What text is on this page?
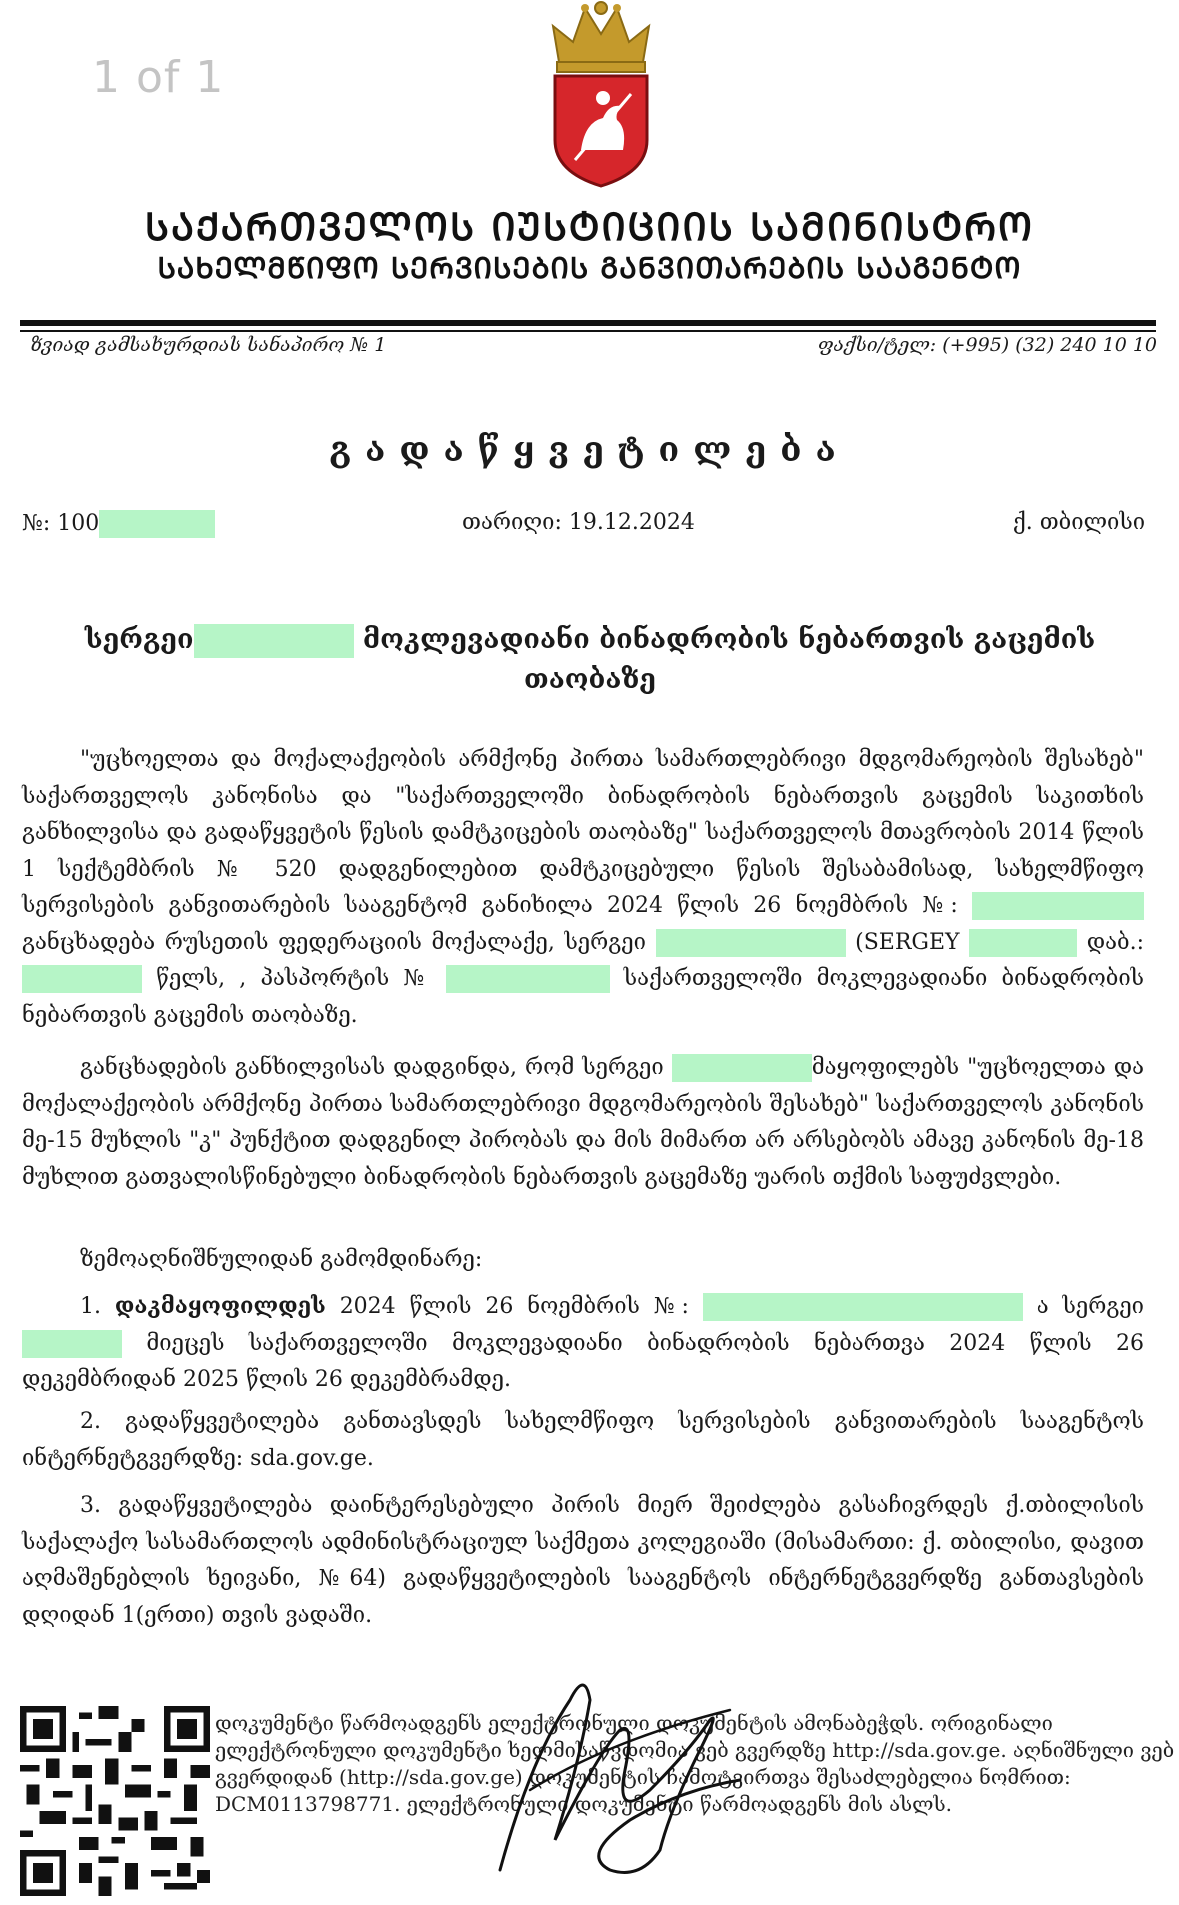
1 of 1
ᲡᲐᲥᲐᲠᲗᲕᲔᲚᲝᲡ ᲘᲣᲡᲢᲘᲪᲘᲘᲡ ᲡᲐᲛᲘᲜᲘᲡᲢᲠᲝ
ᲡᲐᲮᲔᲚᲛᲬᲘᲤᲝ ᲡᲔᲠᲕᲘᲡᲔᲑᲘᲡ ᲒᲐᲜᲕᲘᲗᲐᲠᲔᲑᲘᲡ ᲡᲐᲐᲒᲔᲜᲢᲝ
ზვიად გამსახურდიას სანაპირო № 1	ფაქსი/ტელ: (+995) (32) 240 10 10
გადაწყვეტილება
№: 100	თარიღი: 19.12.2024	ქ. თბილისი
სერგეი	მოკლევადიანი ბინადრობის ნებართვის გაცემის თაობაზე

"უცხოელთა და მოქალაქეობის არმქონე პირთა სამართლებრივი მდგომარეობის შესახებ" საქართველოს კანონისა და "საქართველოში ბინადრობის ნებართვის გაცემის საკითხის განხილვისა და გადაწყვეტის წესის დამტკიცების თაობაზე" საქართველოს მთავრობის 2014 წლის 1 სექტემბრის № 520 დადგენილებით დამტკიცებული წესის შესაბამისად, სახელმწიფო სერვისების განვითარების სააგენტომ განიხილა 2024 წლის 26 ნოემბრის №: განცხადება რუსეთის ფედერაციის მოქალაქე, სერგეი	(SERGEY	დაბ.:  წელს, , პასპორტის №	საქართველოში მოკლევადიანი ბინადრობის ნებართვის გაცემის თაობაზე.

განცხადების განხილვისას დადგინდა, რომ სერგეი	მაყოფილებს "უცხოელთა და მოქალაქეობის არმქონე პირთა სამართლებრივი მდგომარეობის შესახებ" საქართველოს კანონის მე-15 მუხლის "კ" პუნქტით დადგენილ პირობას და მის მიმართ არ არსებობს ამავე კანონის მე-18 მუხლით გათვალისწინებული ბინადრობის ნებართვის გაცემაზე უარის თქმის საფუძვლები.

ზემოაღნიშნულიდან გამომდინარე:

1. დაკმაყოფილდეს 2024 წლის 26 ნოემბრის №:	ა სერგეი  მიეცეს საქართველოში მოკლევადიანი ბინადრობის ნებართვა 2024 წლის 26 დეკემბრიდან 2025 წლის 26 დეკემბრამდე.

2. გადაწყვეტილება განთავსდეს სახელმწიფო სერვისების განვითარების სააგენტოს ინტერნეტგვერდზე: sda.gov.ge.

3. გადაწყვეტილება დაინტერესებული პირის მიერ შეიძლება გასაჩივრდეს ქ.თბილისის საქალაქო სასამართლოს ადმინისტრაციულ საქმეთა კოლეგიაში (მისამართი: ქ. თბილისი, დავით აღმაშენებლის ხეივანი, №64) გადაწყვეტილების სააგენტოს ინტერნეტგვერდზე განთავსების დღიდან 1(ერთი) თვის ვადაში.

დოკუმენტი წარმოადგენს ელექტრონული დოკუმენტის ამონაბეჭდს. ორიგინალი ელექტრონული დოკუმენტი ხელმისაწვდომია ვებ გვერდზე http://sda.gov.ge. აღნიშნული ვებ გვერდიდან (http://sda.gov.ge) დოკუმენტის ჩამოტვირთვა შესაძლებელია ნომრით: DCM0113798771. ელექტრონული დოკუმენტი წარმოადგენს მის ასლს.
